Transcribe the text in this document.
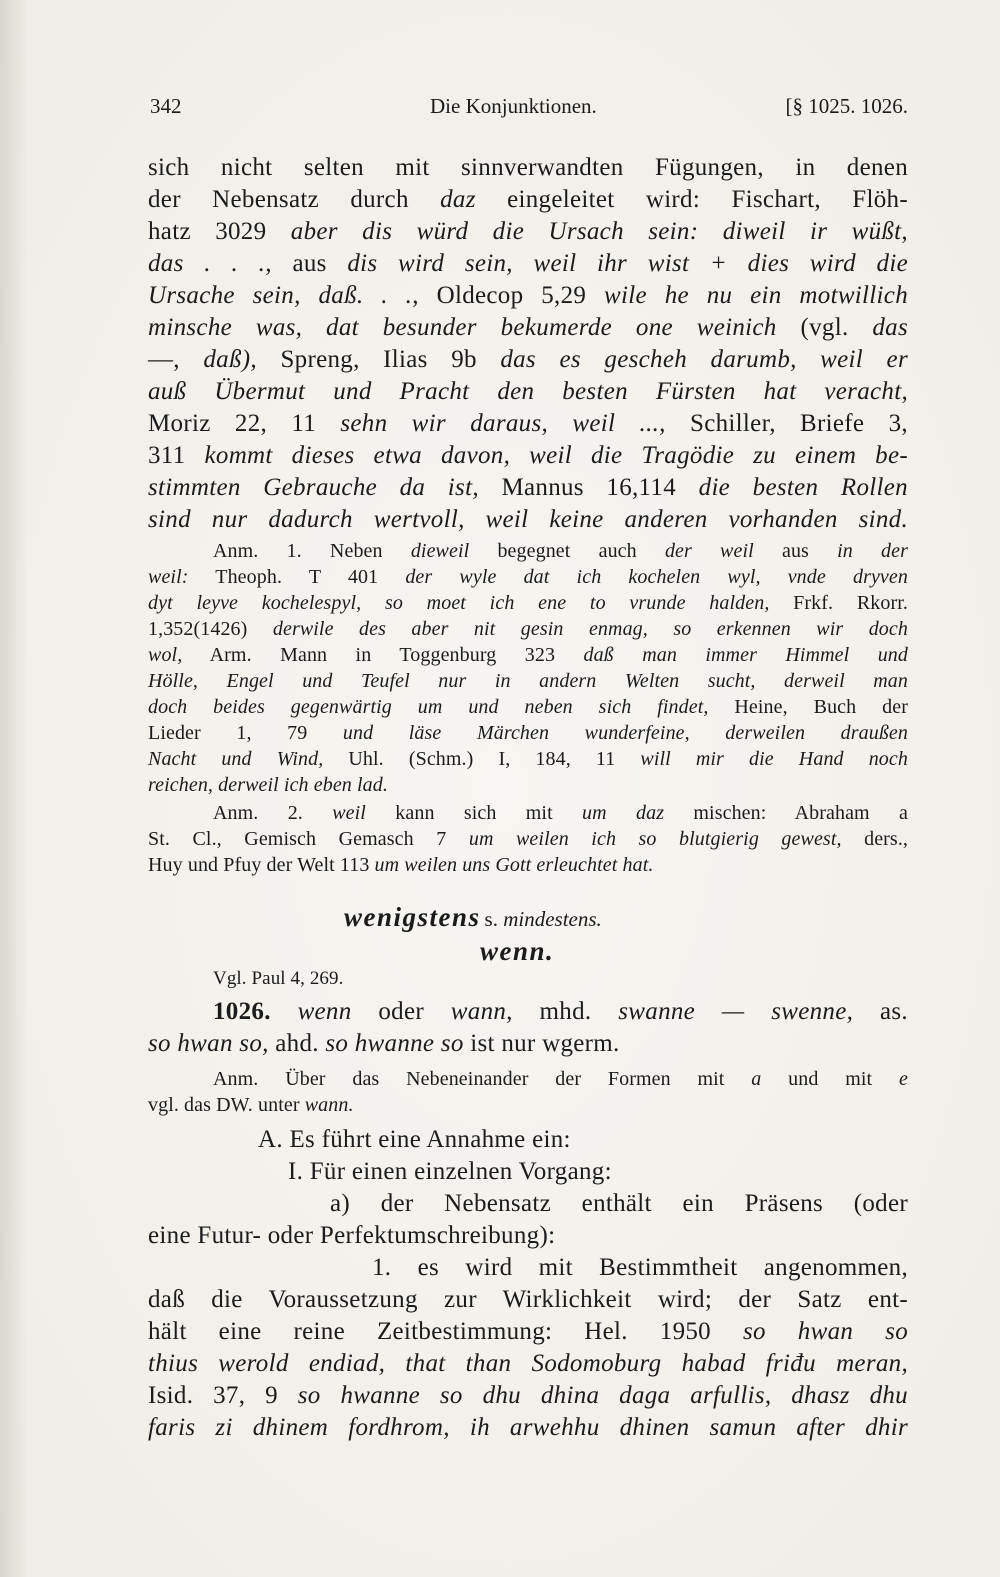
342	Die Konjunktionen.	[§ 1025. 1026.
sich nicht selten mit sinnverwandten Fügungen, in denen
der Nebensatz durch daz eingeleitet wird: Fischart, Flöh-
hatz 3029 aber dis würd die Ursach sein: diweil ir wüßt,
das . . ., aus dis wird sein, weil ihr wist + dies wird die
Ursache sein, daß. . ., Oldecop 5,29 wile he nu ein motwillich
minsche was, dat besunder bekumerde one weinich (vgl. das
—, daß), Spreng, Ilias 9b das es gescheh darumb, weil er
auß Übermut und Pracht den besten Fürsten hat veracht,
Moriz 22, 11 sehn wir daraus, weil ..., Schiller, Briefe 3,
311 kommt dieses etwa davon, weil die Tragödie zu einem be-
stimmten Gebrauche da ist, Mannus 16,114 die besten Rollen
sind nur dadurch wertvoll, weil keine anderen vorhanden sind.
Anm. 1. Neben dieweil begegnet auch der weil aus in der
weil: Theoph. T 401 der wyle dat ich kochelen wyl, vnde dryven
dyt leyve kochelespyl, so moet ich ene to vrunde halden, Frkf. Rkorr.
1,352(1426) derwile des aber nit gesin enmag, so erkennen wir doch
wol, Arm. Mann in Toggenburg 323 daß man immer Himmel und
Hölle, Engel und Teufel nur in andern Welten sucht, derweil man
doch beides gegenwärtig um und neben sich findet, Heine, Buch der
Lieder 1, 79 und läse Märchen wunderfeine, derweilen draußen
Nacht und Wind, Uhl. (Schm.) I, 184, 11 will mir die Hand noch
reichen, derweil ich eben lad.
Anm. 2. weil kann sich mit um daz mischen: Abraham a
St. Cl., Gemisch Gemasch 7 um weilen ich so blutgierig gewest, ders.,
Huy und Pfuy der Welt 113 um weilen uns Gott erleuchtet hat.
wenigstens s. mindestens.
wenn.
Vgl. Paul 4, 269.
1026. wenn oder wann, mhd. swanne — swenne, as.
so hwan so, ahd. so hwanne so ist nur wgerm.
Anm. Über das Nebeneinander der Formen mit a und mit e
vgl. das DW. unter wann.
A. Es führt eine Annahme ein:
I. Für einen einzelnen Vorgang:
a) der Nebensatz enthält ein Präsens (oder
eine Futur- oder Perfektumschreibung):
1. es wird mit Bestimmtheit angenommen,
daß die Voraussetzung zur Wirklichkeit wird; der Satz ent-
hält eine reine Zeitbestimmung: Hel. 1950 so hwan so
thius werold endiad, that than Sodomoburg habad friđu meran,
Isid. 37, 9 so hwanne so dhu dhina daga arfullis, dhasz dhu
faris zi dhinem fordhrom, ih arwehhu dhinen samun after dhir
